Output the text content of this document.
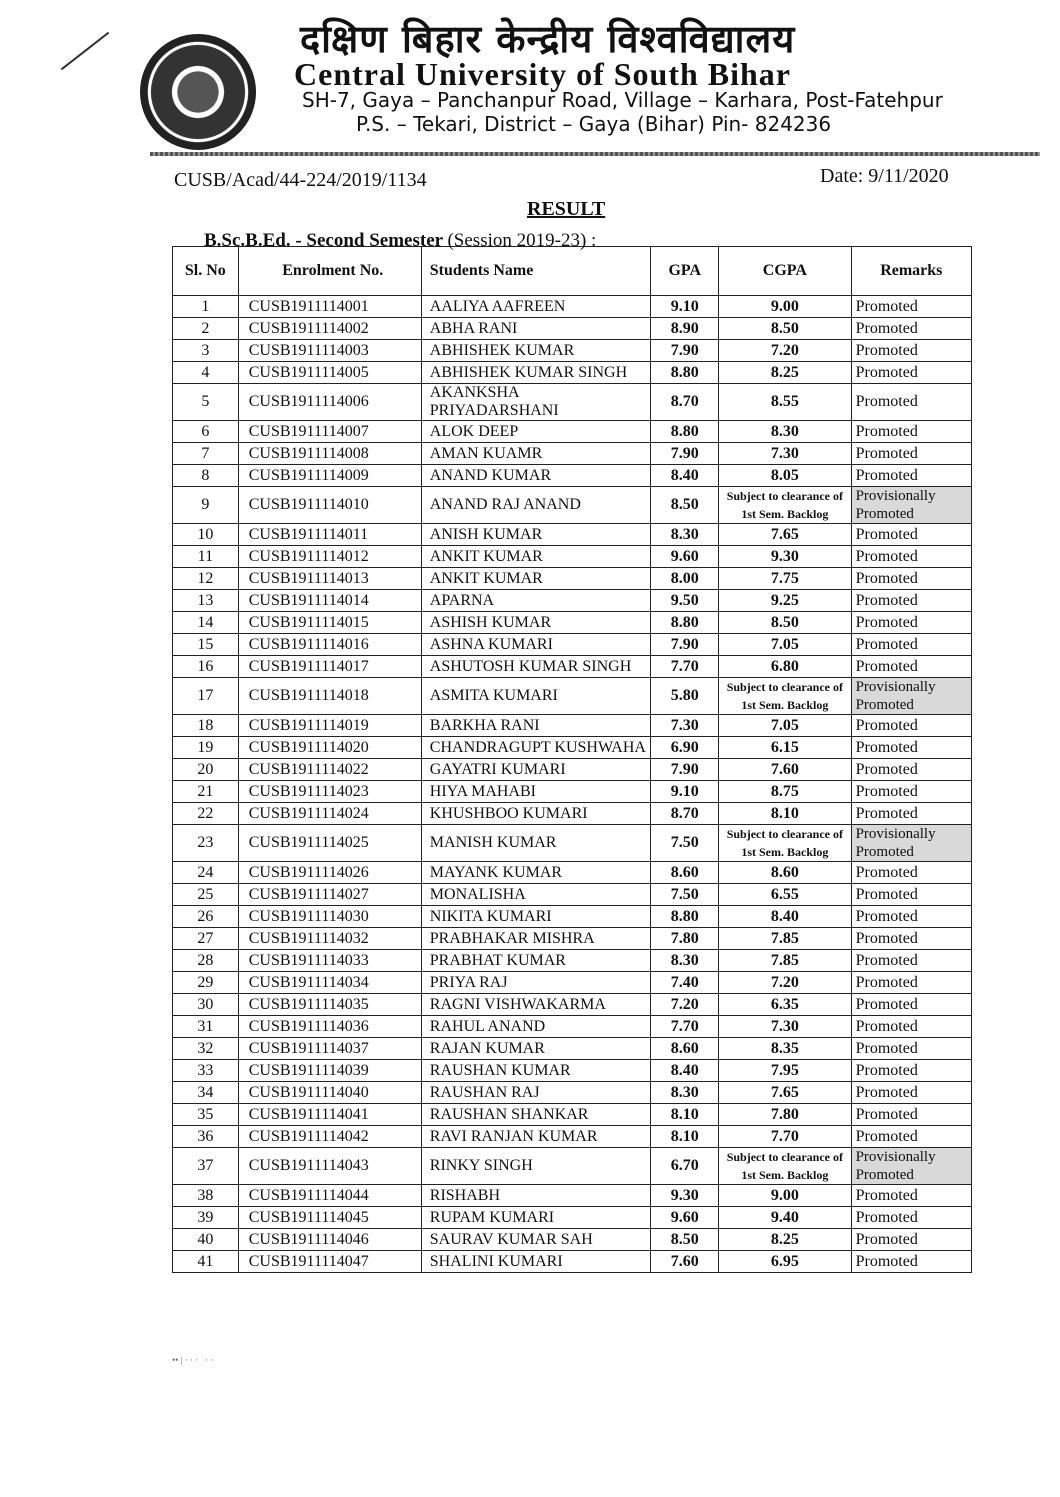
दक्षिण बिहार केन्द्रीय विश्वविद्यालय
Central University of South Bihar
SH-7, Gaya – Panchanpur Road, Village – Karhara, Post-Fatehpur
P.S. – Tekari, District – Gaya (Bihar) Pin- 824236
CUSB/Acad/44-224/2019/1134	Date: 9/11/2020
RESULT
B.Sc.B.Ed. - Second Semester (Session 2019-23) :
Sl. No	Enrolment No.	Students Name	GPA	CGPA	Remarks
1	CUSB1911114001	AALIYA AAFREEN	9.10	9.00	Promoted
2	CUSB1911114002	ABHA RANI	8.90	8.50	Promoted
3	CUSB1911114003	ABHISHEK KUMAR	7.90	7.20	Promoted
4	CUSB1911114005	ABHISHEK KUMAR SINGH	8.80	8.25	Promoted
5	CUSB1911114006	AKANKSHA PRIYADARSHANI	8.70	8.55	Promoted
6	CUSB1911114007	ALOK DEEP	8.80	8.30	Promoted
7	CUSB1911114008	AMAN KUAMR	7.90	7.30	Promoted
8	CUSB1911114009	ANAND KUMAR	8.40	8.05	Promoted
9	CUSB1911114010	ANAND RAJ ANAND	8.50	Subject to clearance of 1st Sem. Backlog	Provisionally Promoted
10	CUSB1911114011	ANISH KUMAR	8.30	7.65	Promoted
11	CUSB1911114012	ANKIT KUMAR	9.60	9.30	Promoted
12	CUSB1911114013	ANKIT KUMAR	8.00	7.75	Promoted
13	CUSB1911114014	APARNA	9.50	9.25	Promoted
14	CUSB1911114015	ASHISH KUMAR	8.80	8.50	Promoted
15	CUSB1911114016	ASHNA KUMARI	7.90	7.05	Promoted
16	CUSB1911114017	ASHUTOSH KUMAR SINGH	7.70	6.80	Promoted
17	CUSB1911114018	ASMITA KUMARI	5.80	Subject to clearance of 1st Sem. Backlog	Provisionally Promoted
18	CUSB1911114019	BARKHA RANI	7.30	7.05	Promoted
19	CUSB1911114020	CHANDRAGUPT KUSHWAHA	6.90	6.15	Promoted
20	CUSB1911114022	GAYATRI KUMARI	7.90	7.60	Promoted
21	CUSB1911114023	HIYA MAHABI	9.10	8.75	Promoted
22	CUSB1911114024	KHUSHBOO KUMARI	8.70	8.10	Promoted
23	CUSB1911114025	MANISH KUMAR	7.50	Subject to clearance of 1st Sem. Backlog	Provisionally Promoted
24	CUSB1911114026	MAYANK KUMAR	8.60	8.60	Promoted
25	CUSB1911114027	MONALISHA	7.50	6.55	Promoted
26	CUSB1911114030	NIKITA KUMARI	8.80	8.40	Promoted
27	CUSB1911114032	PRABHAKAR MISHRA	7.80	7.85	Promoted
28	CUSB1911114033	PRABHAT KUMAR	8.30	7.85	Promoted
29	CUSB1911114034	PRIYA RAJ	7.40	7.20	Promoted
30	CUSB1911114035	RAGNI VISHWAKARMA	7.20	6.35	Promoted
31	CUSB1911114036	RAHUL ANAND	7.70	7.30	Promoted
32	CUSB1911114037	RAJAN KUMAR	8.60	8.35	Promoted
33	CUSB1911114039	RAUSHAN KUMAR	8.40	7.95	Promoted
34	CUSB1911114040	RAUSHAN RAJ	8.30	7.65	Promoted
35	CUSB1911114041	RAUSHAN SHANKAR	8.10	7.80	Promoted
36	CUSB1911114042	RAVI RANJAN KUMAR	8.10	7.70	Promoted
37	CUSB1911114043	RINKY SINGH	6.70	Subject to clearance of 1st Sem. Backlog	Provisionally Promoted
38	CUSB1911114044	RISHABH	9.30	9.00	Promoted
39	CUSB1911114045	RUPAM KUMARI	9.60	9.40	Promoted
40	CUSB1911114046	SAURAV KUMAR SAH	8.50	8.25	Promoted
41	CUSB1911114047	SHALINI KUMARI	7.60	6.95	Promoted
•• | · · ·   · ·
